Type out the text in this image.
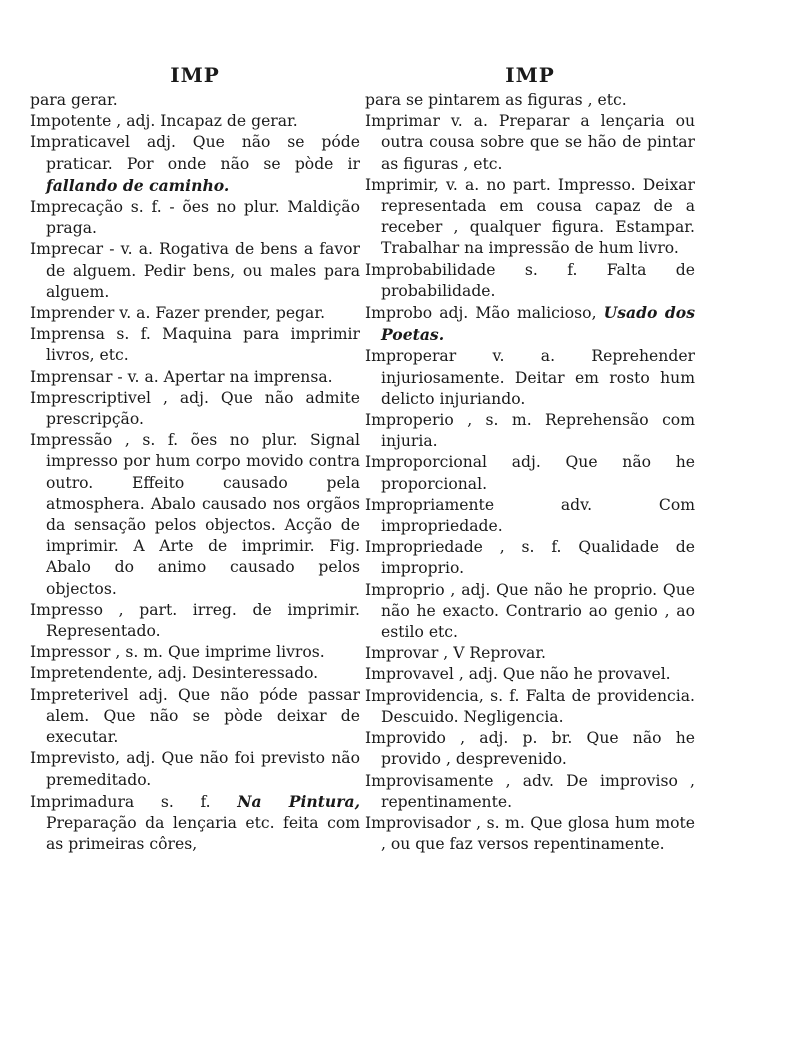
IMP
para gerar.
Impotente , adj. Incapaz de gerar.
Impraticavel adj. Que não se póde praticar. Por onde não se pòde ir fallando de caminho.
Imprecação s. f. - ões no plur. Maldição praga.
Imprecar - v. a. Rogativa de bens a favor de alguem. Pedir bens, ou males para alguem.
Imprender v. a. Fazer prender, pegar.
Imprensa s. f. Maquina para imprimir livros, etc.
Imprensar - v. a. Apertar na imprensa.
Imprescriptivel , adj. Que não admite prescripção.
Impressão , s. f. ões no plur. Signal impresso por hum corpo movido contra outro. Effeito causado pela atmosphera. Abalo causado nos orgãos da sensação pelos objectos. Acção de imprimir. A Arte de imprimir. Fig. Abalo do animo causado pelos objectos.
Impresso , part. irreg. de imprimir. Representado.
Impressor , s. m. Que imprime livros.
Impretendente, adj. Desinteressado.
Impreterivel adj. Que não póde passar alem. Que não se pòde deixar de executar.
Imprevisto, adj. Que não foi previsto não premeditado.
Imprimadura s. f. Na Pintura, Preparação da lençaria etc. feita com as primeiras côres,
IMP
para se pintarem as figuras , etc.
Imprimar v. a. Preparar a lençaria ou outra cousa sobre que se hão de pintar as figuras , etc.
Imprimir, v. a. no part. Impresso. Deixar representada em cousa capaz de a receber , qualquer figura. Estampar. Trabalhar na impressão de hum livro.
Improbabilidade s. f. Falta de probabilidade.
Improbo adj. Mão malicioso, Usado dos Poetas.
Improperar v. a. Reprehender injuriosamente. Deitar em rosto hum delicto injuriando.
Improperio , s. m. Reprehensão com injuria.
Improporcional adj. Que não he proporcional.
Impropriamente adv. Com impropriedade.
Impropriedade , s. f. Qualidade de improprio.
Improprio , adj. Que não he proprio. Que não he exacto. Contrario ao genio , ao estilo etc.
Improvar , V Reprovar.
Improvavel , adj. Que não he provavel.
Improvidencia, s. f. Falta de providencia. Descuido. Negligencia.
Improvido , adj. p. br. Que não he provido , desprevenido.
Improvisamente , adv. De improviso , repentinamente.
Improvisador , s. m. Que glosa hum mote , ou que faz versos repentinamente.
